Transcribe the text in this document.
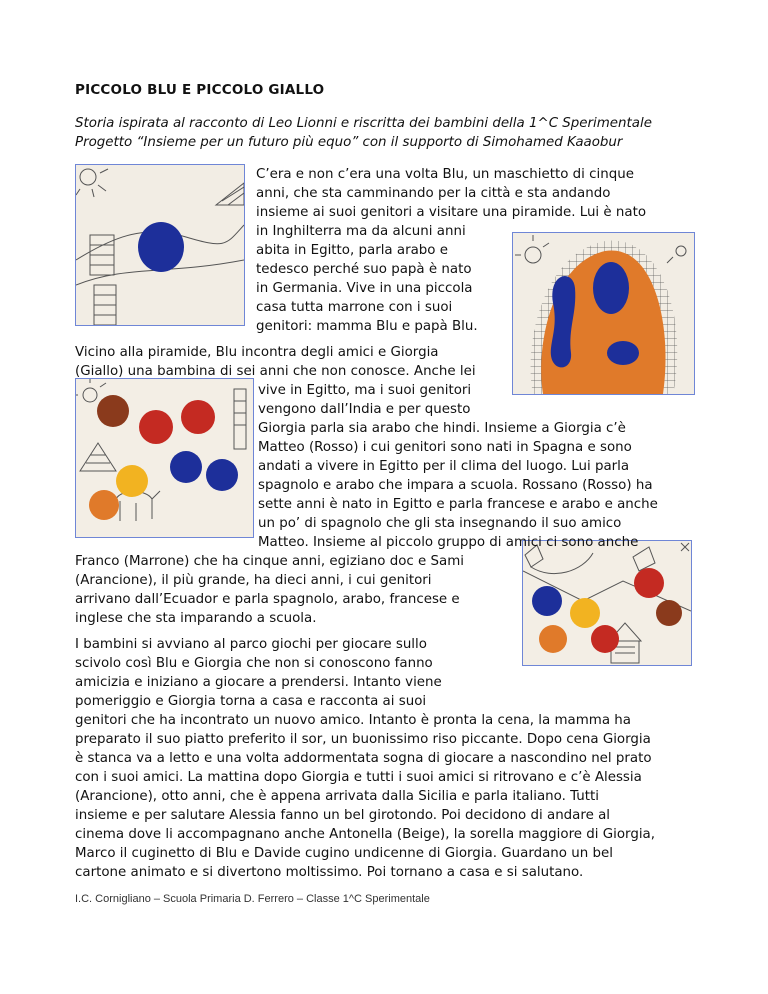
PICCOLO BLU E PICCOLO GIALLO
Storia ispirata al racconto di Leo Lionni e riscritta dei bambini della 1^C Sperimentale
Progetto “Insieme per un futuro più equo” con il supporto di Simohamed Kaaobur
C’era e non c’era una volta Blu, un maschietto di cinque
anni, che sta camminando per la città e sta andando
insieme ai suoi genitori a visitare una piramide. Lui è nato
in Inghilterra ma da alcuni anni
abita in Egitto, parla arabo e
tedesco perché suo papà è nato
in Germania. Vive in una piccola
casa tutta marrone con i suoi
genitori: mamma Blu e papà Blu.
Vicino alla piramide, Blu incontra degli amici e Giorgia
(Giallo) una bambina di sei anni che non conosce. Anche lei
vive in Egitto, ma i suoi genitori
vengono dall’India e per questo
Giorgia parla sia arabo che hindi. Insieme a Giorgia c’è
Matteo (Rosso) i cui genitori sono nati in Spagna e sono
andati a vivere in Egitto per il clima del luogo. Lui parla
spagnolo e arabo che impara a scuola. Rossano (Rosso) ha
sette anni è nato in Egitto e parla francese e arabo e anche
un po’ di spagnolo che gli sta insegnando il suo amico
Matteo. Insieme al piccolo gruppo di amici ci sono anche
Franco (Marrone) che ha cinque anni, egiziano doc e Sami
(Arancione), il più grande, ha dieci anni, i cui genitori
arrivano dall’Ecuador e parla spagnolo, arabo, francese e
inglese che sta imparando a scuola.
I bambini si avviano al parco giochi per giocare sullo
scivolo così Blu e Giorgia che non si conoscono fanno
amicizia e iniziano a giocare a prendersi. Intanto viene
pomeriggio e Giorgia torna a casa e racconta ai suoi
genitori che ha incontrato un nuovo amico. Intanto è pronta la cena, la mamma ha
preparato il suo piatto preferito il sor, un buonissimo riso piccante. Dopo cena Giorgia
è stanca va a letto e una volta addormentata sogna di giocare a nascondino nel prato
con i suoi amici. La mattina dopo Giorgia e tutti i suoi amici si ritrovano e c’è Alessia
(Arancione), otto anni, che è appena arrivata dalla Sicilia e parla italiano. Tutti
insieme e per salutare Alessia fanno un bel girotondo. Poi decidono di andare al
cinema dove li accompagnano anche Antonella (Beige), la sorella maggiore di Giorgia,
Marco il cuginetto di Blu e Davide cugino undicenne di Giorgia. Guardano un bel
cartone animato e si divertono moltissimo. Poi tornano a casa e si salutano.
I.C. Cornigliano – Scuola Primaria D. Ferrero – Classe 1^C Sperimentale
